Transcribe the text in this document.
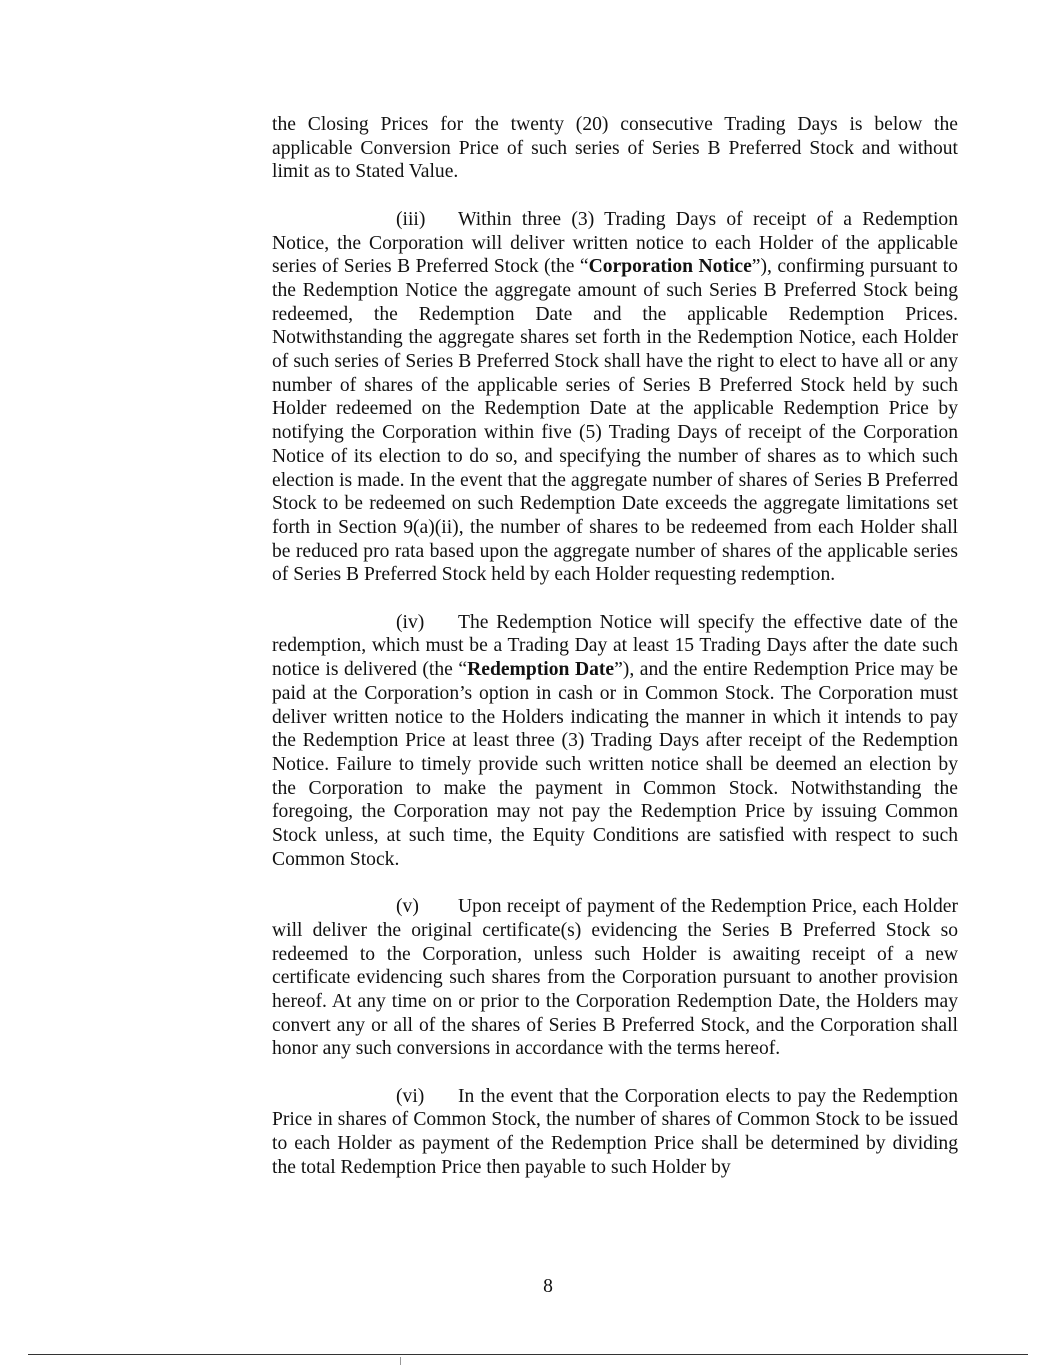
the Closing Prices for the twenty (20) consecutive Trading Days is below the applicable Conversion Price of such series of Series B Preferred Stock and without limit as to Stated Value.

(iii) Within three (3) Trading Days of receipt of a Redemption Notice, the Corporation will deliver written notice to each Holder of the applicable series of Series B Preferred Stock (the “Corporation Notice”), confirming pursuant to the Redemption Notice the aggregate amount of such Series B Preferred Stock being redeemed, the Redemption Date and the applicable Redemption Prices. Notwithstanding the aggregate shares set forth in the Redemption Notice, each Holder of such series of Series B Preferred Stock shall have the right to elect to have all or any number of shares of the applicable series of Series B Preferred Stock held by such Holder redeemed on the Redemption Date at the applicable Redemption Price by notifying the Corporation within five (5) Trading Days of receipt of the Corporation Notice of its election to do so, and specifying the number of shares as to which such election is made. In the event that the aggregate number of shares of Series B Preferred Stock to be redeemed on such Redemption Date exceeds the aggregate limitations set forth in Section 9(a)(ii), the number of shares to be redeemed from each Holder shall be reduced pro rata based upon the aggregate number of shares of the applicable series of Series B Preferred Stock held by each Holder requesting redemption.

(iv) The Redemption Notice will specify the effective date of the redemption, which must be a Trading Day at least 15 Trading Days after the date such notice is delivered (the “Redemption Date”), and the entire Redemption Price may be paid at the Corporation’s option in cash or in Common Stock. The Corporation must deliver written notice to the Holders indicating the manner in which it intends to pay the Redemption Price at least three (3) Trading Days after receipt of the Redemption Notice. Failure to timely provide such written notice shall be deemed an election by the Corporation to make the payment in Common Stock. Notwithstanding the foregoing, the Corporation may not pay the Redemption Price by issuing Common Stock unless, at such time, the Equity Conditions are satisfied with respect to such Common Stock.

(v) Upon receipt of payment of the Redemption Price, each Holder will deliver the original certificate(s) evidencing the Series B Preferred Stock so redeemed to the Corporation, unless such Holder is awaiting receipt of a new certificate evidencing such shares from the Corporation pursuant to another provision hereof. At any time on or prior to the Corporation Redemption Date, the Holders may convert any or all of the shares of Series B Preferred Stock, and the Corporation shall honor any such conversions in accordance with the terms hereof.

(vi) In the event that the Corporation elects to pay the Redemption Price in shares of Common Stock, the number of shares of Common Stock to be issued to each Holder as payment of the Redemption Price shall be determined by dividing the total Redemption Price then payable to such Holder by

8
